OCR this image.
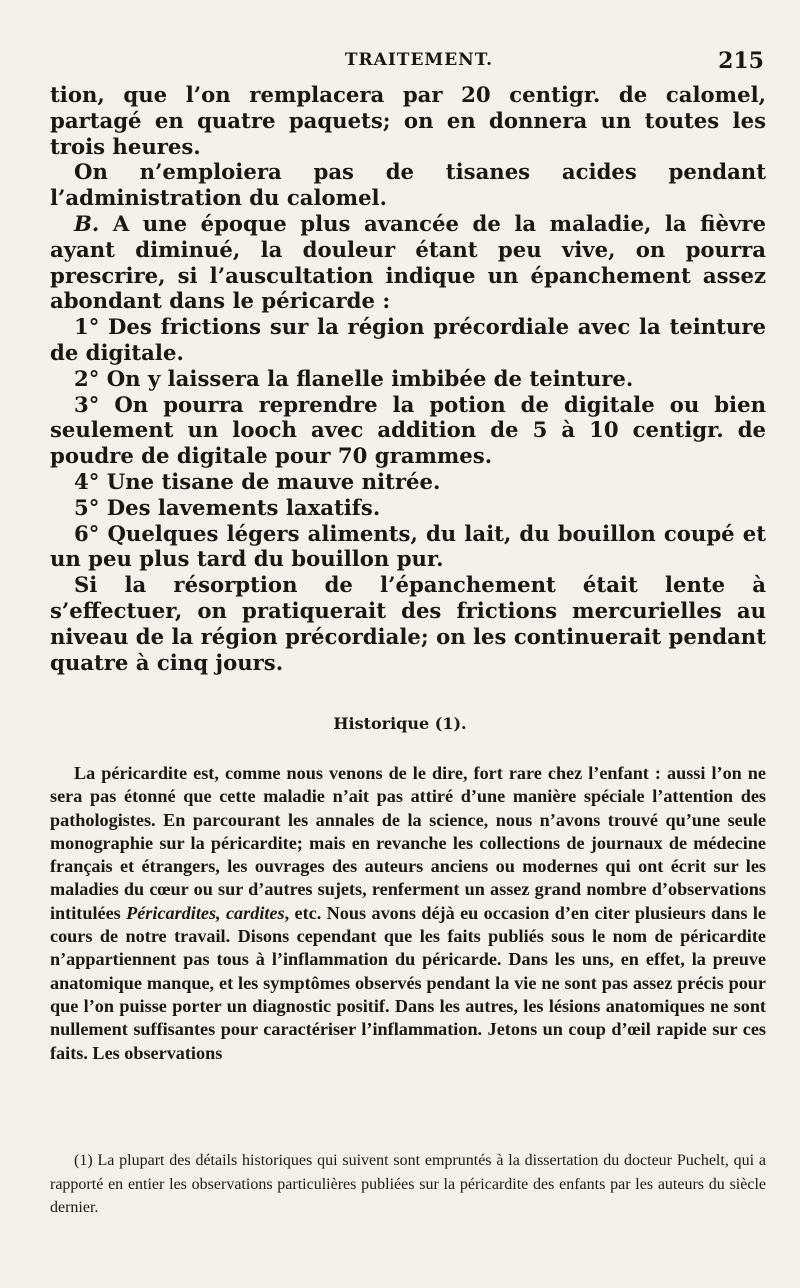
TRAITEMENT.	215

tion, que l’on remplacera par 20 centigr. de calomel, partagé en quatre paquets; on en donnera un toutes les trois heures.

On n’emploiera pas de tisanes acides pendant l’administration du calomel.

B. A une époque plus avancée de la maladie, la fièvre ayant diminué, la douleur étant peu vive, on pourra prescrire, si l’auscultation indique un épanchement assez abondant dans le péricarde :

1° Des frictions sur la région précordiale avec la teinture de digitale.

2° On y laissera la flanelle imbibée de teinture.

3° On pourra reprendre la potion de digitale ou bien seulement un looch avec addition de 5 à 10 centigr. de poudre de digitale pour 70 grammes.

4° Une tisane de mauve nitrée.

5° Des lavements laxatifs.

6° Quelques légers aliments, du lait, du bouillon coupé et un peu plus tard du bouillon pur.

Si la résorption de l’épanchement était lente à s’effectuer, on pratiquerait des frictions mercurielles au niveau de la région précordiale; on les continuerait pendant quatre à cinq jours.

Historique (1).

La péricardite est, comme nous venons de le dire, fort rare chez l’enfant : aussi l’on ne sera pas étonné que cette maladie n’ait pas attiré d’une manière spéciale l’attention des pathologistes. En parcourant les annales de la science, nous n’avons trouvé qu’une seule monographie sur la péricardite; mais en revanche les collections de journaux de médecine français et étrangers, les ouvrages des auteurs anciens ou modernes qui ont écrit sur les maladies du cœur ou sur d’autres sujets, renferment un assez grand nombre d’observations intitulées Péricardites, cardites, etc. Nous avons déjà eu occasion d’en citer plusieurs dans le cours de notre travail. Disons cependant que les faits publiés sous le nom de péricardite n’appartiennent pas tous à l’inflammation du péricarde. Dans les uns, en effet, la preuve anatomique manque, et les symptômes observés pendant la vie ne sont pas assez précis pour que l’on puisse porter un diagnostic positif. Dans les autres, les lésions anatomiques ne sont nullement suffisantes pour caractériser l’inflammation. Jetons un coup d’œil rapide sur ces faits. Les observations

(1) La plupart des détails historiques qui suivent sont empruntés à la dissertation du docteur Puchelt, qui a rapporté en entier les observations particulières publiées sur la péricardite des enfants par les auteurs du siècle dernier.
